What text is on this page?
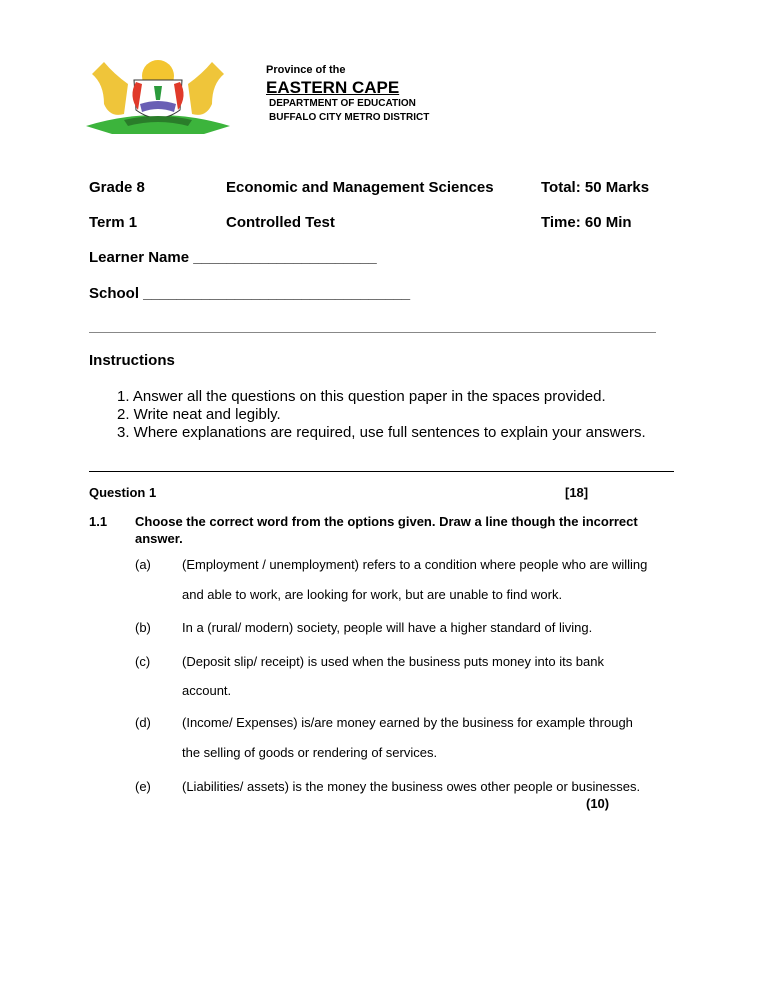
Province of the
EASTERN CAPE
DEPARTMENT OF EDUCATION
BUFFALO CITY METRO DISTRICT
Grade 8	Economic and Management Sciences	Total: 50 Marks
Term 1	Controlled Test	Time: 60 Min
Learner Name ______________________
School ________________________________
Instructions
1. Answer all the questions on this question paper in the spaces provided.
2. Write neat and legibly.
3. Where explanations are required, use full sentences to explain your answers.
Question 1	[18]
1.1 Choose the correct word from the options given. Draw a line though the incorrect
answer.
(a) (Employment / unemployment) refers to a condition where people who are willing
and able to work, are looking for work, but are unable to find work.
(b) In a (rural/ modern) society, people will have a higher standard of living.
(c) (Deposit slip/ receipt) is used when the business puts money into its bank
account.
(d) (Income/ Expenses) is/are money earned by the business for example through
the selling of goods or rendering of services.
(e) (Liabilities/ assets) is the money the business owes other people or businesses.
(10)
